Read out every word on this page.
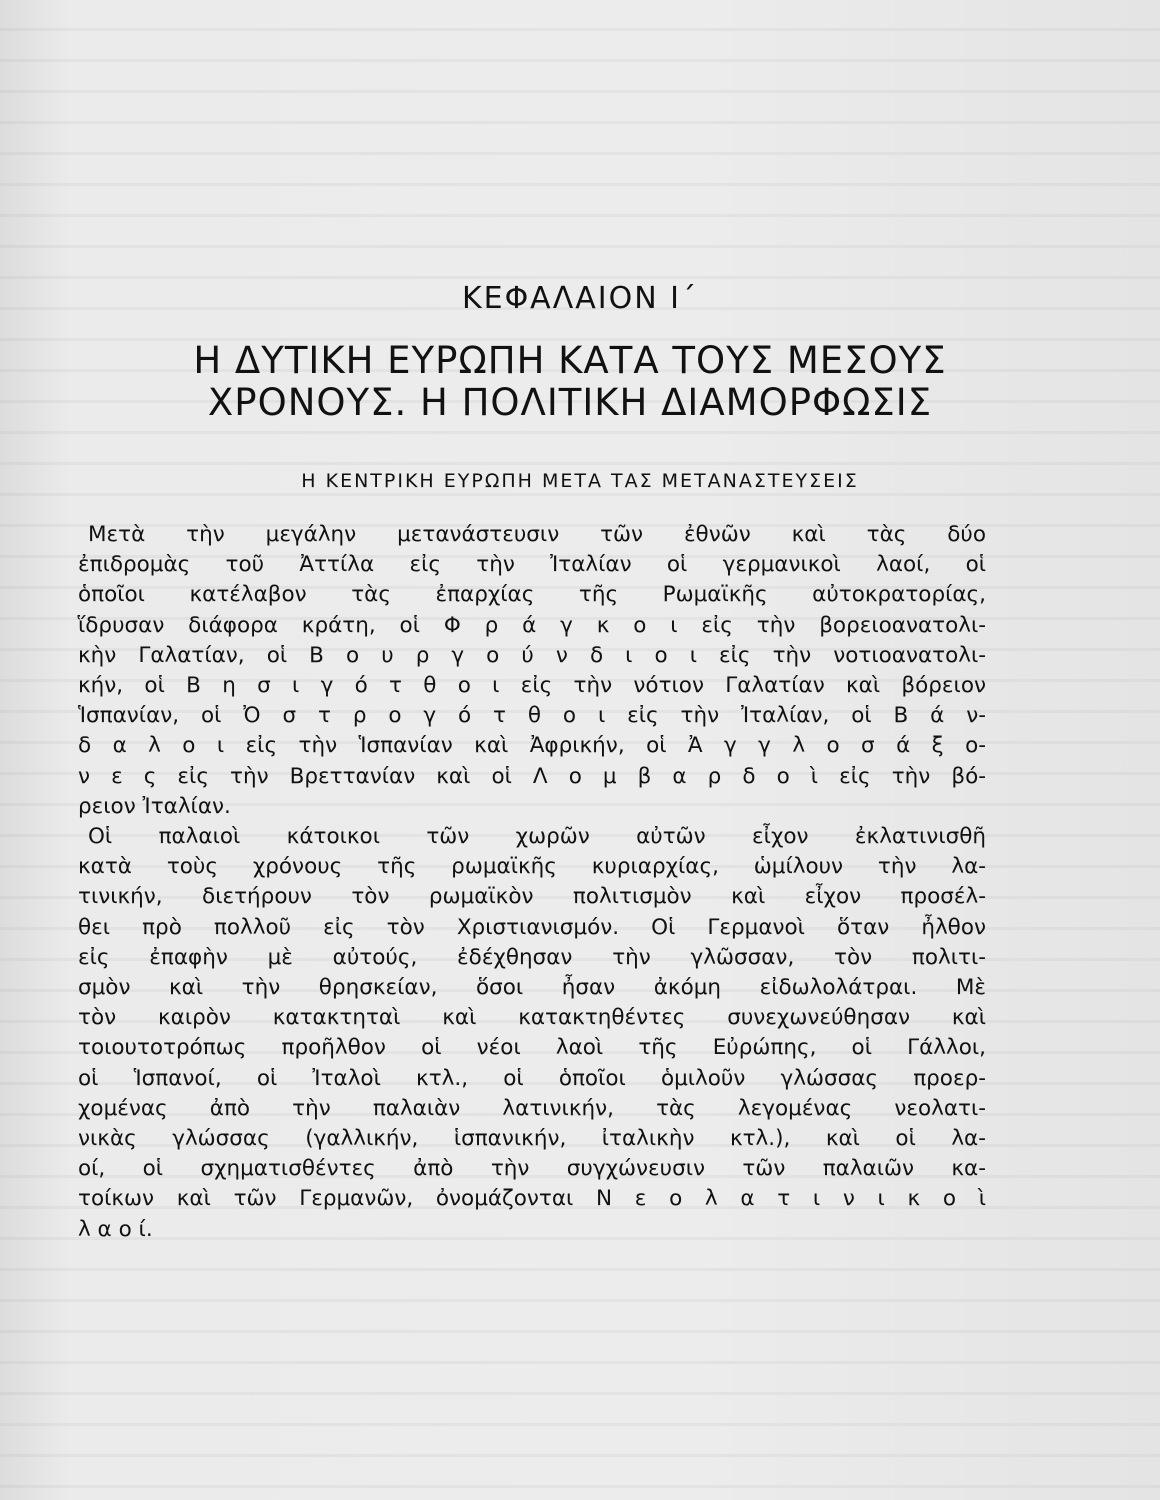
ΚΕΦΑΛΑΙΟΝ Ι΄
Η ΔΥΤΙΚΗ ΕΥΡΩΠΗ ΚΑΤΑ ΤΟΥΣ ΜΕΣΟΥΣ
ΧΡΟΝΟΥΣ. Η ΠΟΛΙΤΙΚΗ ΔΙΑΜΟΡΦΩΣΙΣ
Η ΚΕΝΤΡΙΚΗ ΕΥΡΩΠΗ ΜΕΤΑ ΤΑΣ ΜΕΤΑΝΑΣΤΕΥΣΕΙΣ
Μετὰ τὴν μεγάλην μετανάστευσιν τῶν ἐθνῶν καὶ τὰς δύο
ἐπιδρομὰς τοῦ Ἀττίλα εἰς τὴν Ἰταλίαν οἱ γερμανικοὶ λαοί, οἱ
ὁποῖοι κατέλαβον τὰς ἐπαρχίας τῆς Ρωμαϊκῆς αὐτοκρατορίας,
ἵδρυσαν διάφορα κράτη, οἱ Φ ρ ά γ κ ο ι εἰς τὴν βορειοανατολι-
κὴν Γαλατίαν, οἱ Β ο υ ρ γ ο ύ ν δ ι ο ι εἰς τὴν νοτιοανατολι-
κήν, οἱ Β η σ ι γ ό τ θ ο ι εἰς τὴν νότιον Γαλατίαν καὶ βόρειον
Ἱσπανίαν, οἱ Ὀ σ τ ρ ο γ ό τ θ ο ι εἰς τὴν Ἰταλίαν, οἱ Β ά ν-
δ α λ ο ι εἰς τὴν Ἱσπανίαν καὶ Ἀφρικήν, οἱ Ἀ γ γ λ ο σ ά ξ ο-
ν ε ς εἰς τὴν Βρεττανίαν καὶ οἱ Λ ο μ β α ρ δ ο ὶ εἰς τὴν βό-
ρειον Ἰταλίαν.
Οἱ παλαιοὶ κάτοικοι τῶν χωρῶν αὐτῶν εἶχον ἐκλατινισθῆ
κατὰ τοὺς χρόνους τῆς ρωμαϊκῆς κυριαρχίας, ὡμίλουν τὴν λα-
τινικήν, διετήρουν τὸν ρωμαϊκὸν πολιτισμὸν καὶ εἶχον προσέλ-
θει πρὸ πολλοῦ εἰς τὸν Χριστιανισμόν. Οἱ Γερμανοὶ ὅταν ἦλθον
εἰς ἐπαφὴν μὲ αὐτούς, ἐδέχθησαν τὴν γλῶσσαν, τὸν πολιτι-
σμὸν καὶ τὴν θρησκείαν, ὅσοι ἦσαν ἀκόμη εἰδωλολάτραι. Μὲ
τὸν καιρὸν κατακτηταὶ καὶ κατακτηθέντες συνεχωνεύθησαν καὶ
τοιουτοτρόπως προῆλθον οἱ νέοι λαοὶ τῆς Εὐρώπης, οἱ Γάλλοι,
οἱ Ἱσπανοί, οἱ Ἰταλοὶ κτλ., οἱ ὁποῖοι ὁμιλοῦν γλώσσας προερ-
χομένας ἀπὸ τὴν παλαιὰν λατινικήν, τὰς λεγομένας νεολατι-
νικὰς γλώσσας (γαλλικήν, ἱσπανικήν, ἰταλικὴν κτλ.), καὶ οἱ λα-
οί, οἱ σχηματισθέντες ἀπὸ τὴν συγχώνευσιν τῶν παλαιῶν κα-
τοίκων καὶ τῶν Γερμανῶν, ὀνομάζονται Ν ε ο λ α τ ι ν ι κ ο ὶ
λ α ο ί.
